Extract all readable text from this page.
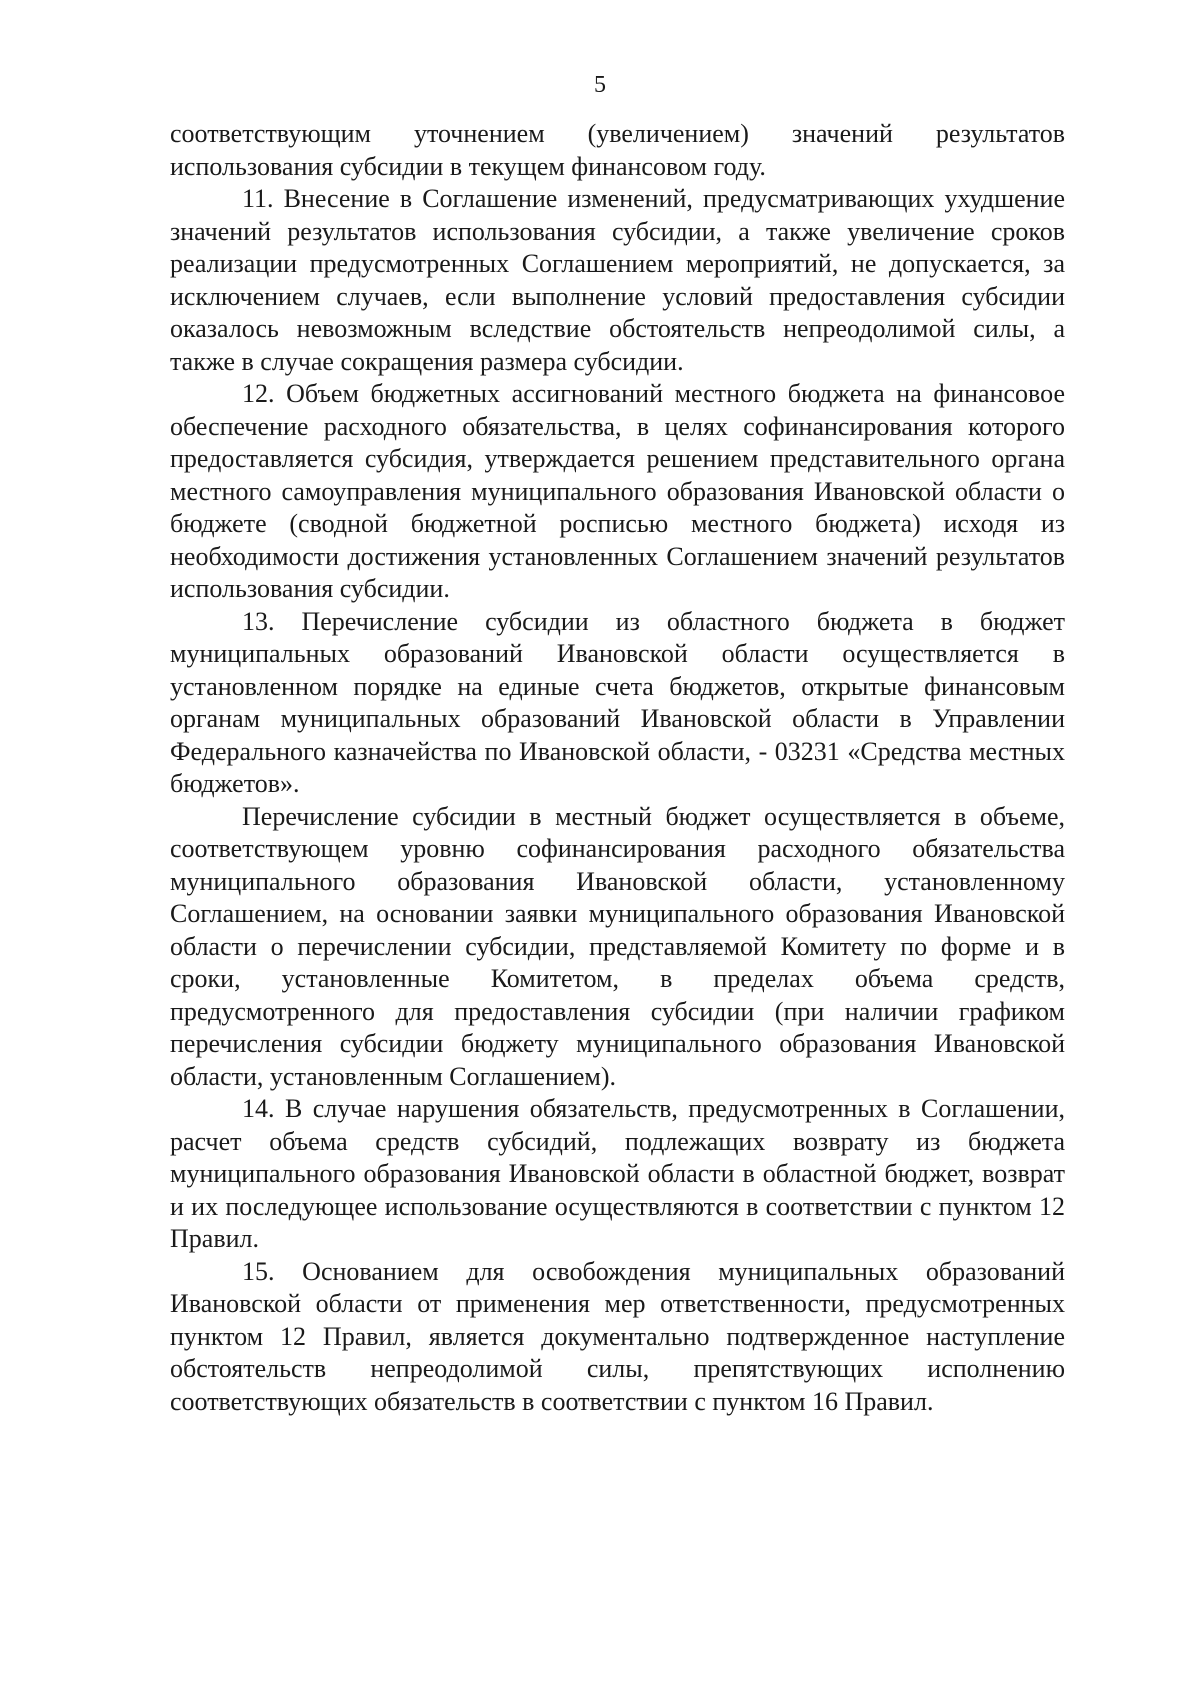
5

соответствующим уточнением (увеличением) значений результатов использования субсидии в текущем финансовом году.

11. Внесение в Соглашение изменений, предусматривающих ухудшение значений результатов использования субсидии, а также увеличение сроков реализации предусмотренных Соглашением мероприятий, не допускается, за исключением случаев, если выполнение условий предоставления субсидии оказалось невозможным вследствие обстоятельств непреодолимой силы, а также в случае сокращения размера субсидии.

12. Объем бюджетных ассигнований местного бюджета на финансовое обеспечение расходного обязательства, в целях софинансирования которого предоставляется субсидия, утверждается решением представительного органа местного самоуправления муниципального образования Ивановской области о бюджете (сводной бюджетной росписью местного бюджета) исходя из необходимости достижения установленных Соглашением значений результатов использования субсидии.

13. Перечисление субсидии из областного бюджета в бюджет муниципальных образований Ивановской области осуществляется в установленном порядке на единые счета бюджетов, открытые финансовым органам муниципальных образований Ивановской области в Управлении Федерального казначейства по Ивановской области, - 03231 «Средства местных бюджетов».

Перечисление субсидии в местный бюджет осуществляется в объеме, соответствующем уровню софинансирования расходного обязательства муниципального образования Ивановской области, установленному Соглашением, на основании заявки муниципального образования Ивановской области о перечислении субсидии, представляемой Комитету по форме и в сроки, установленные Комитетом, в пределах объема средств, предусмотренного для предоставления субсидии (при наличии графиком перечисления субсидии бюджету муниципального образования Ивановской области, установленным Соглашением).

14. В случае нарушения обязательств, предусмотренных в Соглашении, расчет объема средств субсидий, подлежащих возврату из бюджета муниципального образования Ивановской области в областной бюджет, возврат и их последующее использование осуществляются в соответствии с пунктом 12 Правил.

15. Основанием для освобождения муниципальных образований Ивановской области от применения мер ответственности, предусмотренных пунктом 12 Правил, является документально подтвержденное наступление обстоятельств непреодолимой силы, препятствующих исполнению соответствующих обязательств в соответствии с пунктом 16 Правил.
